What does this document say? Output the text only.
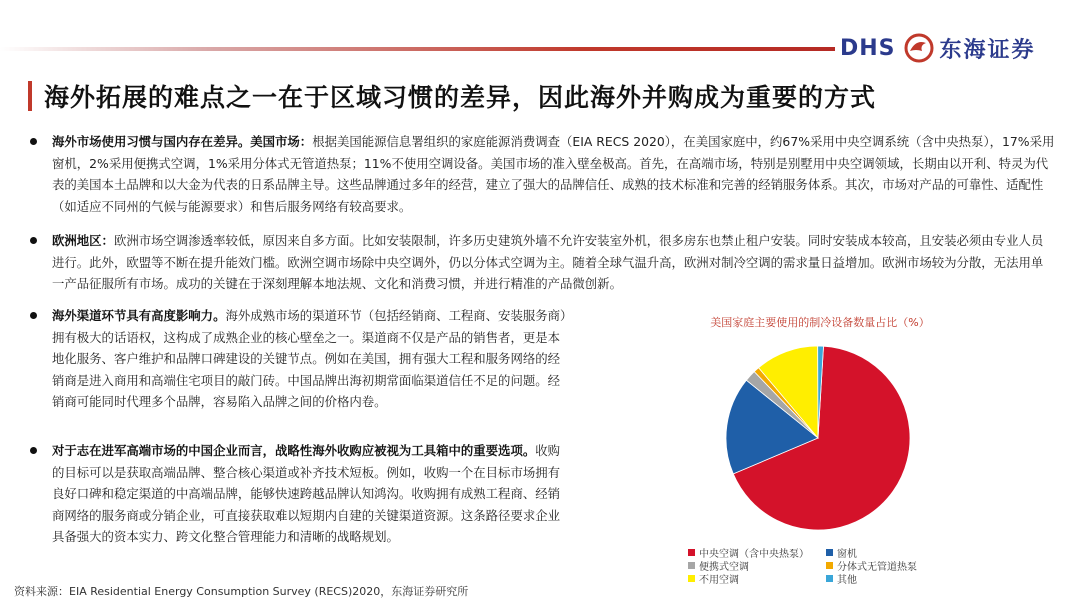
DHS 东海证券
海外拓展的难点之一在于区域习惯的差异，因此海外并购成为重要的方式

海外市场使用习惯与国内存在差异。美国市场：根据美国能源信息署组织的家庭能源消费调查（EIA RECS 2020），在美国家庭中，约67%采用中央空调系统（含中央热泵），17%采用窗机，2%采用便携式空调，1%采用分体式无管道热泵；11%不使用空调设备。美国市场的准入壁垒极高。首先，在高端市场，特别是别墅用中央空调领域，长期由以开利、特灵为代表的美国本土品牌和以大金为代表的日系品牌主导。这些品牌通过多年的经营，建立了强大的品牌信任、成熟的技术标准和完善的经销服务体系。其次，市场对产品的可靠性、适配性（如适应不同州的气候与能源要求）和售后服务网络有较高要求。

欧洲地区：欧洲市场空调渗透率较低，原因来自多方面。比如安装限制，许多历史建筑外墙不允许安装室外机，很多房东也禁止租户安装。同时安装成本较高，且安装必须由专业人员进行。此外，欧盟等不断在提升能效门槛。欧洲空调市场除中央空调外，仍以分体式空调为主。随着全球气温升高，欧洲对制冷空调的需求量日益增加。欧洲市场较为分散，无法用单一产品征服所有市场。成功的关键在于深刻理解本地法规、文化和消费习惯，并进行精准的产品微创新。

海外渠道环节具有高度影响力。海外成熟市场的渠道环节（包括经销商、工程商、安装服务商）拥有极大的话语权，这构成了成熟企业的核心壁垒之一。渠道商不仅是产品的销售者，更是本地化服务、客户维护和品牌口碑建设的关键节点。例如在美国，拥有强大工程和服务网络的经销商是进入商用和高端住宅项目的敲门砖。中国品牌出海初期常面临渠道信任不足的问题。经销商可能同时代理多个品牌，容易陷入品牌之间的价格内卷。

对于志在进军高端市场的中国企业而言，战略性海外收购应被视为工具箱中的重要选项。收购的目标可以是获取高端品牌、整合核心渠道或补齐技术短板。例如，收购一个在目标市场拥有良好口碑和稳定渠道的中高端品牌，能够快速跨越品牌认知鸿沟。收购拥有成熟工程商、经销商网络的服务商或分销企业，可直接获取难以短期内自建的关键渠道资源。这条路径要求企业具备强大的资本实力、跨文化整合管理能力和清晰的战略规划。

美国家庭主要使用的制冷设备数量占比（%）
中央空调（含中央热泵）	窗机
便携式空调	分体式无管道热泵
不用空调	其他
资料来源：EIA Residential Energy Consumption Survey (RECS)2020，东海证券研究所
